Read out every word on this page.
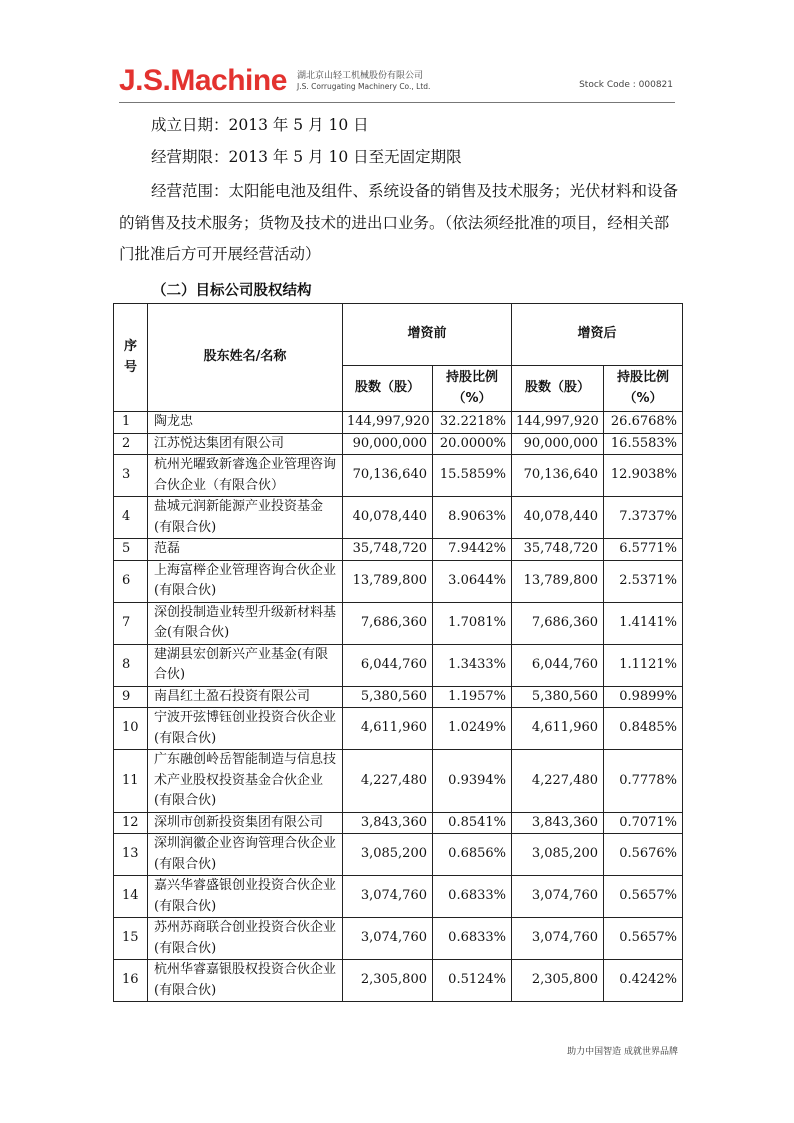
J.S.Machine 湖北京山轻工机械股份有限公司
J.S. Corrugating Machinery Co., Ltd.	Stock Code : 000821
成立日期：2013 年 5 月 10 日
经营期限：2013 年 5 月 10 日至无固定期限
经营范围：太阳能电池及组件、系统设备的销售及技术服务；光伏材料和设备的销售及技术服务；货物及技术的进出口业务。（依法须经批准的项目，经相关部门批准后方可开展经营活动）
（二）目标公司股权结构
序号	股东姓名/名称	增资前		增资后	
		股数（股）	持股比例（%）	股数（股）	持股比例（%）
1	陶龙忠	144,997,920	32.2218%	144,997,920	26.6768%
2	江苏悦达集团有限公司	90,000,000	20.0000%	90,000,000	16.5583%
3	杭州光曜致新睿逸企业管理咨询合伙企业（有限合伙）	70,136,640	15.5859%	70,136,640	12.9038%
4	盐城元润新能源产业投资基金(有限合伙)	40,078,440	8.9063%	40,078,440	7.3737%
5	范磊	35,748,720	7.9442%	35,748,720	6.5771%
6	上海富榉企业管理咨询合伙企业(有限合伙)	13,789,800	3.0644%	13,789,800	2.5371%
7	深创投制造业转型升级新材料基金(有限合伙)	7,686,360	1.7081%	7,686,360	1.4141%
8	建湖县宏创新兴产业基金(有限合伙)	6,044,760	1.3433%	6,044,760	1.1121%
9	南昌红土盈石投资有限公司	5,380,560	1.1957%	5,380,560	0.9899%
10	宁波开弦博钰创业投资合伙企业(有限合伙)	4,611,960	1.0249%	4,611,960	0.8485%
11	广东融创岭岳智能制造与信息技术产业股权投资基金合伙企业(有限合伙)	4,227,480	0.9394%	4,227,480	0.7778%
12	深圳市创新投资集团有限公司	3,843,360	0.8541%	3,843,360	0.7071%
13	深圳润徽企业咨询管理合伙企业(有限合伙)	3,085,200	0.6856%	3,085,200	0.5676%
14	嘉兴华睿盛银创业投资合伙企业(有限合伙)	3,074,760	0.6833%	3,074,760	0.5657%
15	苏州苏商联合创业投资合伙企业(有限合伙)	3,074,760	0.6833%	3,074,760	0.5657%
16	杭州华睿嘉银股权投资合伙企业(有限合伙)	2,305,800	0.5124%	2,305,800	0.4242%
助力中国智造 成就世界品牌
